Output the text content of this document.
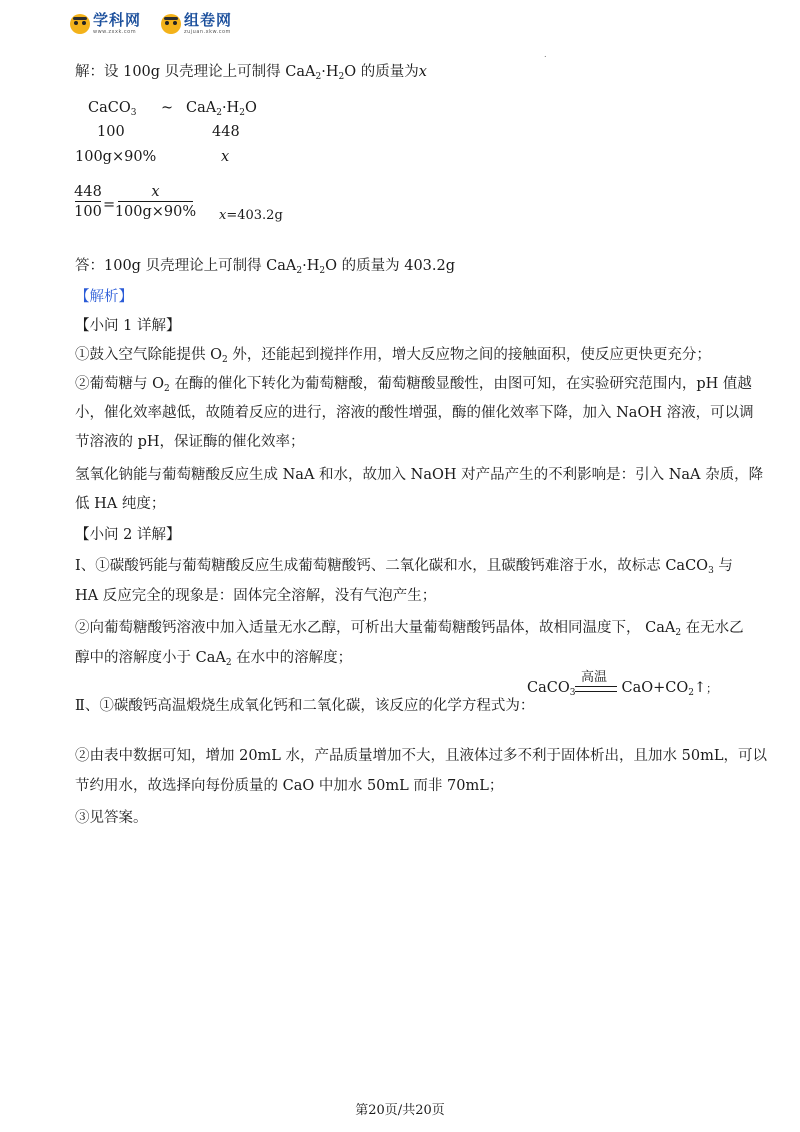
学科网
www.zxxk.com
组卷网
zujuan.xkw.com
.
解：设 100g 贝壳理论上可制得 $CaA_2\cdot H_2O$ 的质量为x
CaCO$_3$ ~ $CaA_2\cdot H_2O$
100	448
100g×90%	x
448
100 =
x
100g×90% x=403.2g
答：100g 贝壳理论上可制得 $CaA_2\cdot H_2O$ 的质量为 403.2g
【解析】
【小问 1 详解】
①鼓入空气除能提供 $O_2$ 外，还能起到搅拌作用，增大反应物之间的接触面积，使反应更快更充分；
②葡萄糖与 $O_2$ 在酶的催化下转化为葡萄糖酸，葡萄糖酸显酸性，由图可知，在实验研究范围内，pH 值越
小，催化效率越低，故随着反应的进行，溶液的酸性增强，酶的催化效率下降，加入 NaOH 溶液，可以调
节溶液的 pH，保证酶的催化效率；
氢氧化钠能与葡萄糖酸反应生成 NaA 和水，故加入 NaOH 对产品产生的不利影响是：引入 NaA 杂质，降
低 HA 纯度；
【小问 2 详解】
I、①碳酸钙能与葡萄糖酸反应生成葡萄糖酸钙、二氧化碳和水，且碳酸钙难溶于水，故标志 CaCO$_3$ 与
HA 反应完全的现象是：固体完全溶解，没有气泡产生；
②向葡萄糖酸钙溶液中加入适量无水乙醇，可析出大量葡萄糖酸钙晶体，故相同温度下， CaA$_2$ 在无水乙
醇中的溶解度小于 CaA$_2$ 在水中的溶解度；
Ⅱ、①碳酸钙高温煅烧生成氧化钙和二氧化碳，该反应的化学方程式为：
CaCO$_3$	$CaO+CO_2↑$；
高温
②由表中数据可知，增加 20mL 水，产品质量增加不大，且液体过多不利于固体析出，且加水 50mL，可以
节约用水，故选择向每份质量的 CaO 中加水 50mL 而非 70mL；
③见答案。
第20页/共20页
